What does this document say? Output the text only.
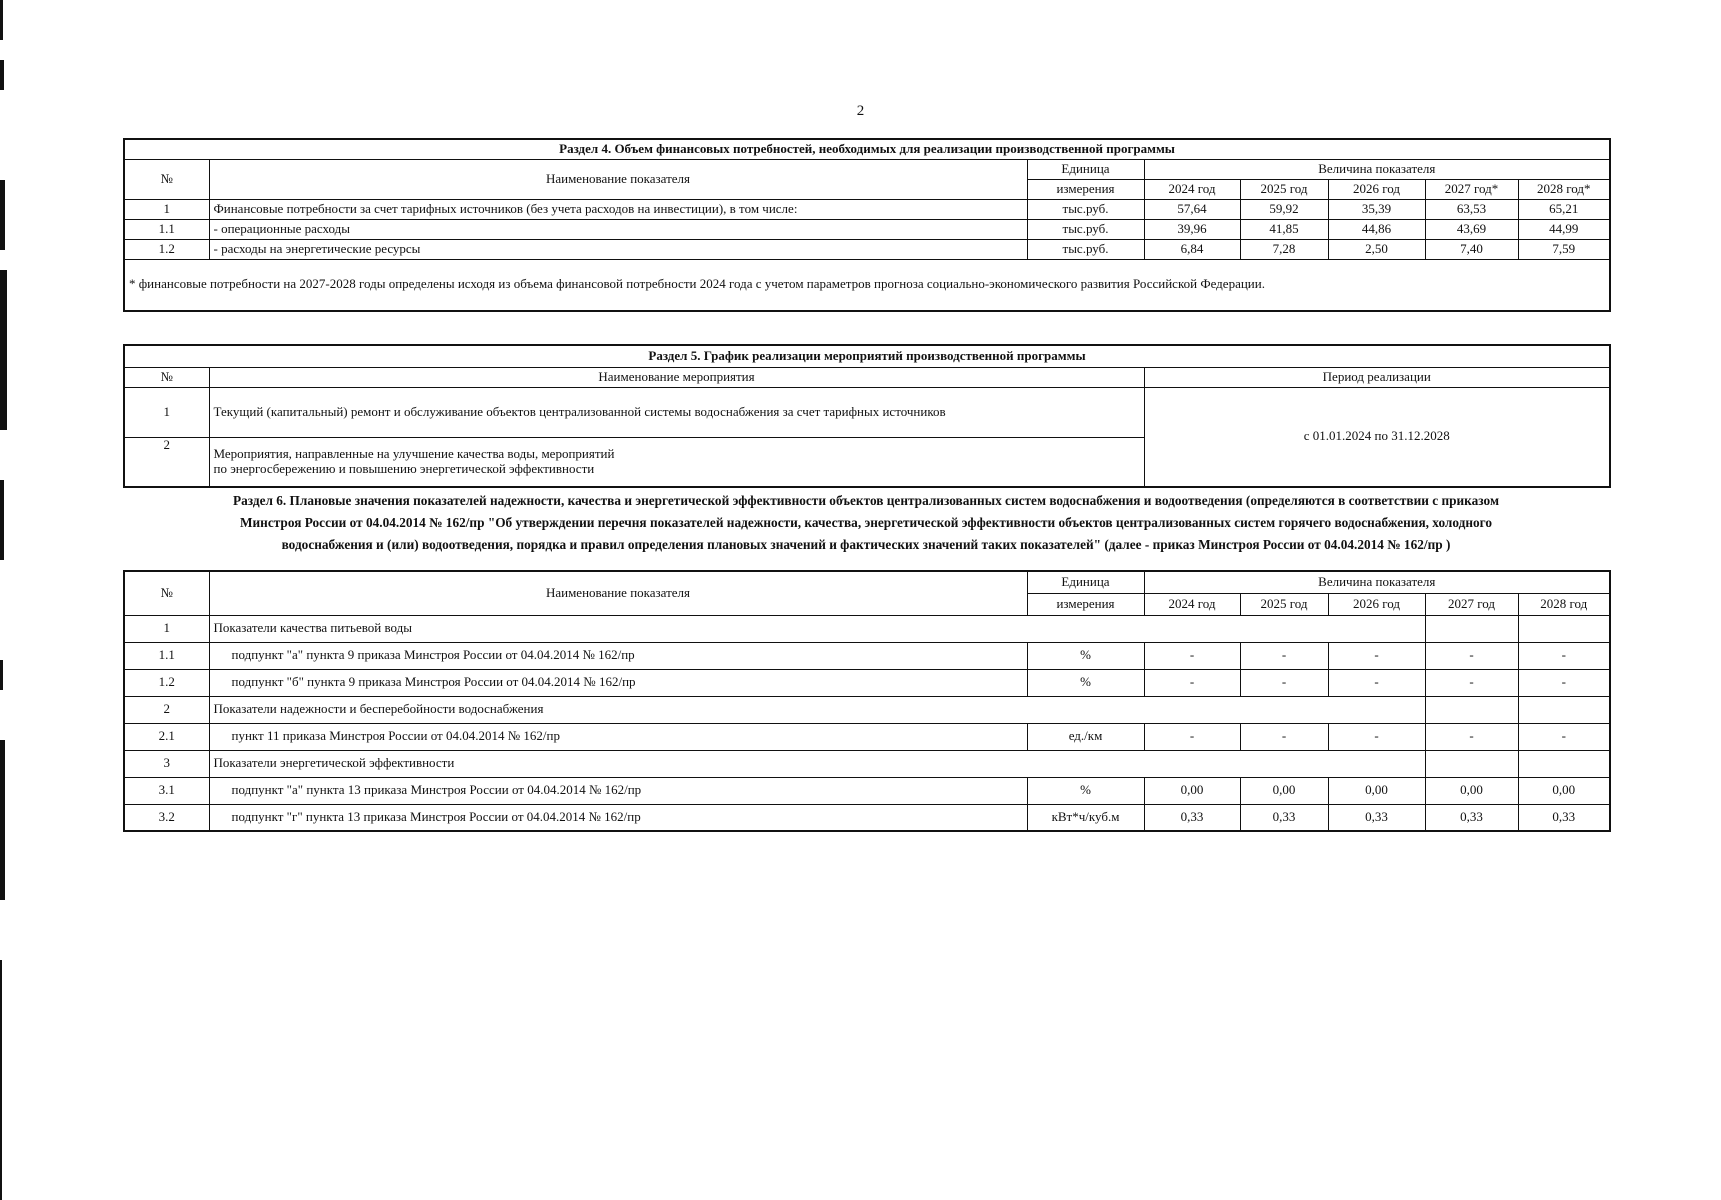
2
Раздел 4. Объем финансовых потребностей, необходимых для реализации производственной программы							
№	Наименование показателя	Единица	Величина показателя				
		измерения	2024 год	2025 год	2026 год	2027 год*	2028 год*
1	Финансовые потребности за счет тарифных источников (без учета расходов на инвестиции), в том числе:	тыс.руб.	57,64	59,92	35,39	63,53	65,21
1.1	- операционные расходы	тыс.руб.	39,96	41,85	44,86	43,69	44,99
1.2	- расходы на энергетические ресурсы	тыс.руб.	6,84	7,28	2,50	7,40	7,59
* финансовые потребности на 2027-2028 годы определены исходя из объема финансовой потребности 2024 года с учетом параметров прогноза социально-экономического развития Российской Федерации.							
Раздел 5. График реализации мероприятий производственной программы		
№	Наименование мероприятия	Период реализации
1	Текущий (капитальный) ремонт и обслуживание объектов централизованной системы водоснабжения за счет тарифных источников	с 01.01.2024 по 31.12.2028
2	Мероприятия, направленные на улучшение качества воды, мероприятий
по энергосбережению и повышению энергетической эффективности	
Раздел 6. Плановые значения показателей надежности, качества и энергетической эффективности объектов централизованных систем водоснабжения и водоотведения (определяются в соответствии с приказом
Минстроя России от 04.04.2014 № 162/пр "Об утверждении перечня показателей надежности, качества, энергетической эффективности объектов централизованных систем горячего водоснабжения, холодного
водоснабжения и (или) водоотведения, порядка и правил определения плановых значений и фактических значений таких показателей" (далее - приказ Минстроя России от 04.04.2014 № 162/пр )
№	Наименование показателя	Единица	Величина показателя				
		измерения	2024 год	2025 год	2026 год	2027 год	2028 год
1	Показатели качества питьевой воды						
1.1	подпункт "а" пункта 9 приказа Минстроя России от 04.04.2014 № 162/пр	%	-	-	-	-	-
1.2	подпункт "б" пункта 9 приказа Минстроя России от 04.04.2014 № 162/пр	%	-	-	-	-	-
2	Показатели надежности и бесперебойности водоснабжения						
2.1	пункт 11 приказа Минстроя России от 04.04.2014 № 162/пр	ед./км	-	-	-	-	-
3	Показатели энергетической эффективности						
3.1	подпункт "а" пункта 13 приказа Минстроя России от 04.04.2014 № 162/пр	%	0,00	0,00	0,00	0,00	0,00
3.2	подпункт "г" пункта 13 приказа Минстроя России от 04.04.2014 № 162/пр	кВт*ч/куб.м	0,33	0,33	0,33	0,33	0,33
